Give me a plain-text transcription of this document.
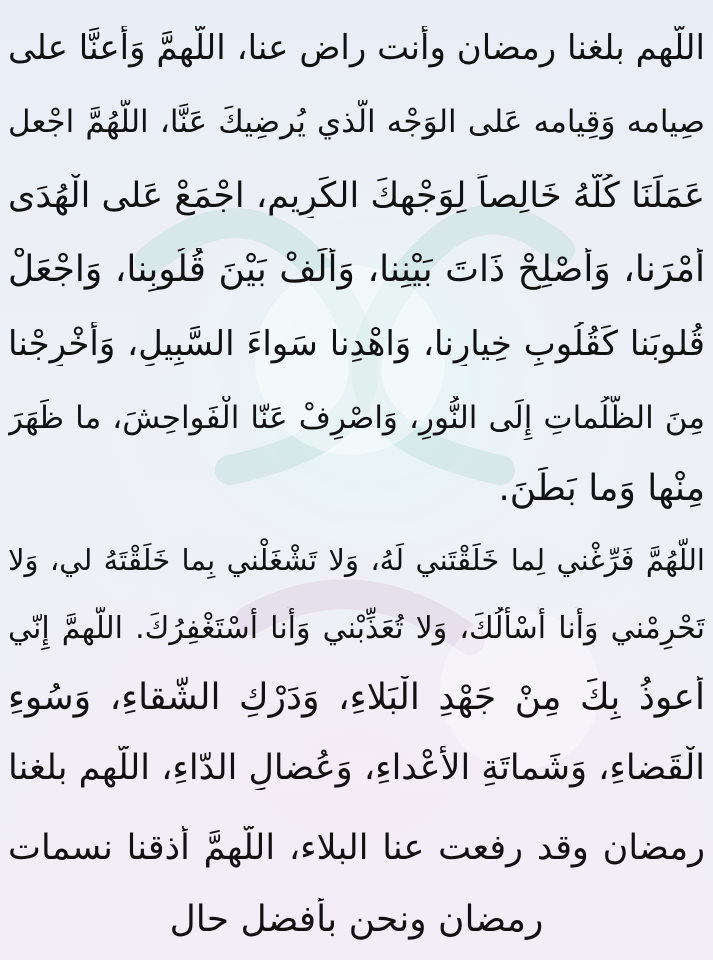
اللّهم بلغنا رمضان وأنت راض عنا، اللّهمَّ وَأَعنَّا على
صِيامه وَقِيامه عَلى الوَجْه الّذي يُرضِيكَ عَنَّا، اللّهُمَّ اجْعل
عَمَلَنَا كُلَّهُ خَالِصاً لِوَجْهِكَ الكَرِيمِ، اجْمَعْ عَلى الْهُدَى
أَمْرَنا، وَأَصْلِحْ ذَاتَ بَيْنِنا، وَأَلِّفْ بَيْنَ قُلُوبِنا، وَاجْعَلْ
قُلوبَنا كَقُلُوبِ خِيارِنا، وَاهْدِنا سَواءَ السَّبِيلِ، وَأَخْرِجْنا
مِنَ الظُّلُماتِ إِلَى النُّورِ، وَاصْرِفْ عَنّا الْفَواحِشَ، ما ظَهَرَ
مِنْها وَما بَطَنَ.
اللّهُمَّ فَرِّغْني لِما خَلَقْتَني لَهُ، وَلا تَشْغَلْني بِما خَلَقْتَهُ لي، وَلا
تَحْرِمْني وَأَنا أَسْأَلُكَ، وَلا تُعَذِّبْني وَأَنا أَسْتَغْفِرُكَ. اللّهمَّ إِنّي
أَعوذُ بِكَ مِنْ جَهْدِ الْبَلاءِ، وَدَرْكِ الشَّقاءِ، وَسُوءِ
الْقَضاءِ، وَشَماتَةِ الأَعْداءِ، وَعُضالِ الدّاءِ، اللّهم بلغنا
رمضان وقد رفعت عنا البلاء، اللّهمَّ أذقنا نسمات
رمضان ونحن بأفضل حال
